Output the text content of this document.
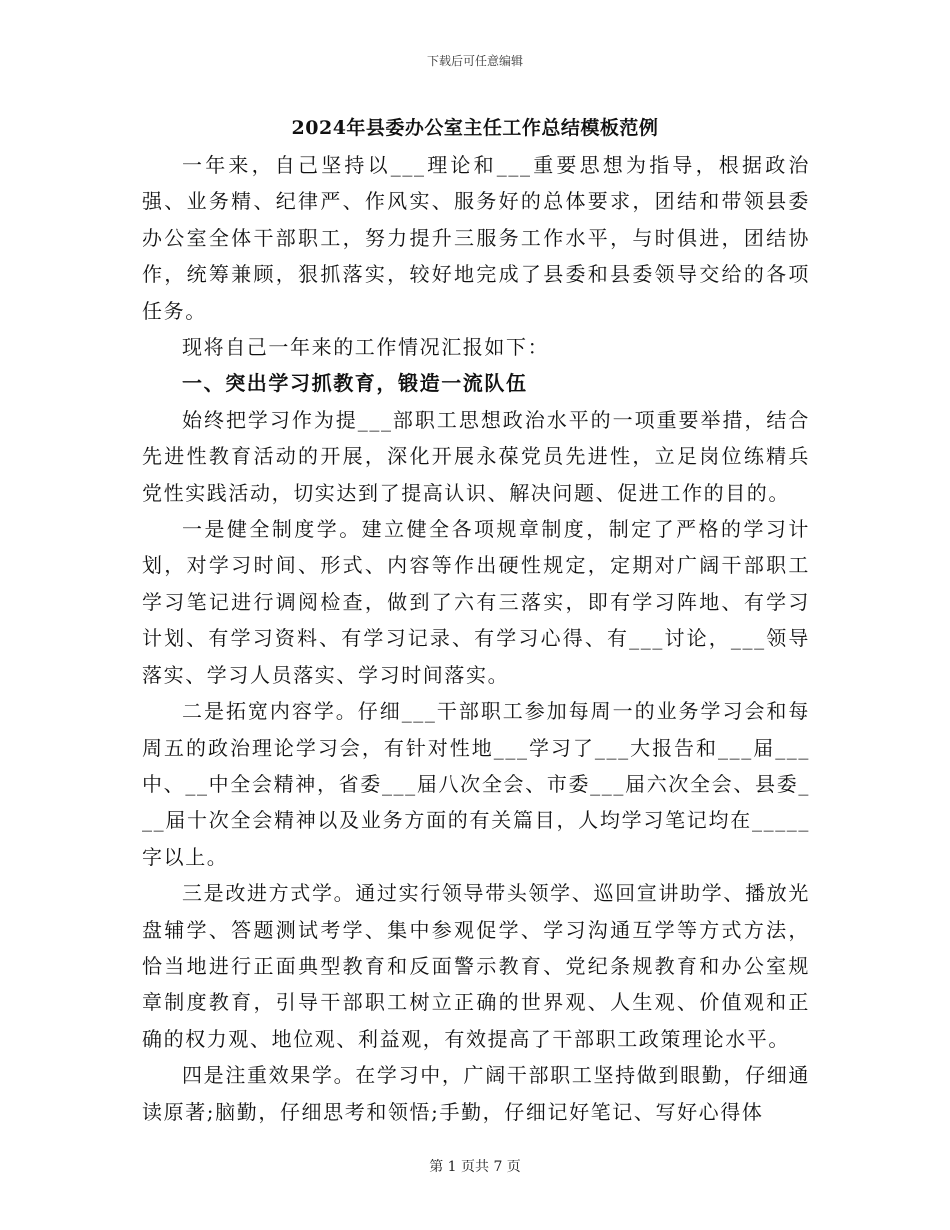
下载后可任意编辑
2024年县委办公室主任工作总结模板范例

一年来，自己坚持以___理论和___重要思想为指导，根据政治强、业务精、纪律严、作风实、服务好的总体要求，团结和带领县委办公室全体干部职工，努力提升三服务工作水平，与时俱进，团结协作，统筹兼顾，狠抓落实，较好地完成了县委和县委领导交给的各项任务。

现将自己一年来的工作情况汇报如下：

一、突出学习抓教育，锻造一流队伍

始终把学习作为提___部职工思想政治水平的一项重要举措，结合先进性教育活动的开展，深化开展永葆党员先进性，立足岗位练精兵党性实践活动，切实达到了提高认识、解决问题、促进工作的目的。

一是健全制度学。建立健全各项规章制度，制定了严格的学习计划，对学习时间、形式、内容等作出硬性规定，定期对广阔干部职工学习笔记进行调阅检查，做到了六有三落实，即有学习阵地、有学习计划、有学习资料、有学习记录、有学习心得、有___讨论，___领导落实、学习人员落实、学习时间落实。

二是拓宽内容学。仔细___干部职工参加每周一的业务学习会和每周五的政治理论学习会，有针对性地___学习了___大报告和___届___中、__中全会精神，省委___届八次全会、市委___届六次全会、县委___届十次全会精神以及业务方面的有关篇目，人均学习笔记均在_____字以上。

三是改进方式学。通过实行领导带头领学、巡回宣讲助学、播放光盘辅学、答题测试考学、集中参观促学、学习沟通互学等方式方法，恰当地进行正面典型教育和反面警示教育、党纪条规教育和办公室规章制度教育，引导干部职工树立正确的世界观、人生观、价值观和正确的权力观、地位观、利益观，有效提高了干部职工政策理论水平。

四是注重效果学。在学习中，广阔干部职工坚持做到眼勤，仔细通读原著;脑勤，仔细思考和领悟;手勤，仔细记好笔记、写好心得体

第 1 页共 7 页
